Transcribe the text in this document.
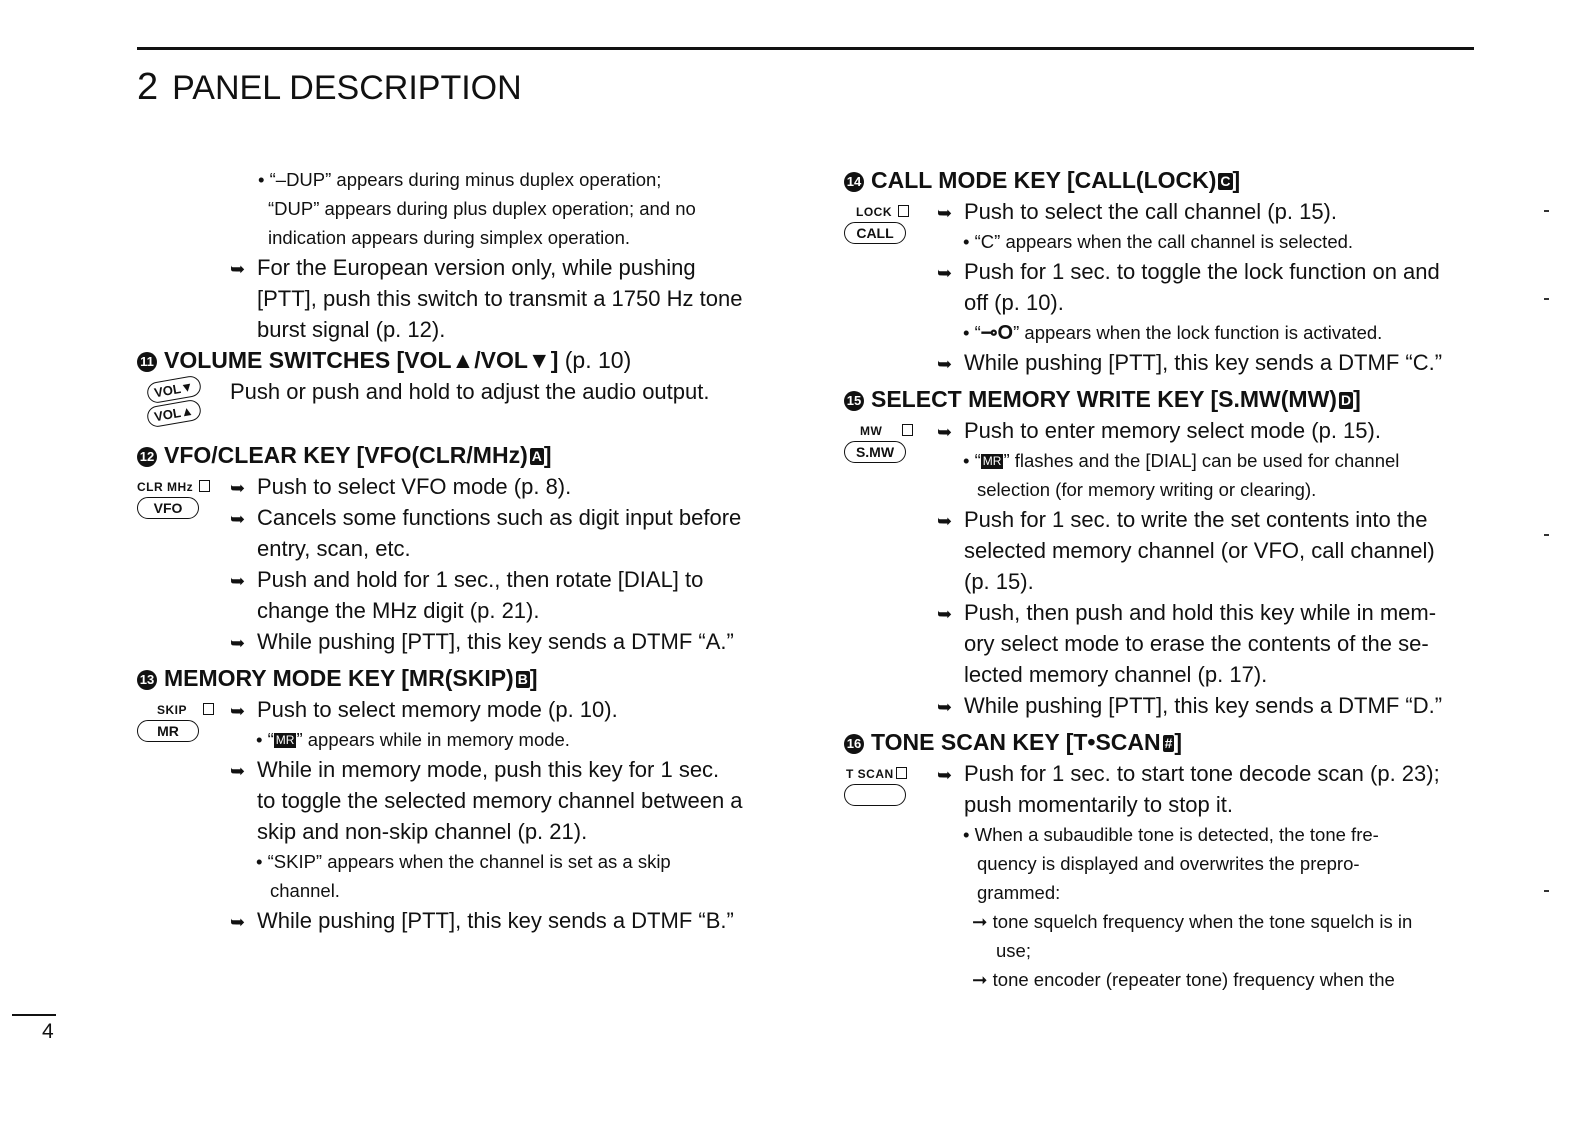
2 PANEL DESCRIPTION
• “–DUP” appears during minus duplex operation;
“DUP” appears during plus duplex operation; and no
indication appears during simplex operation.
➥ For the European version only, while pushing
[PTT], push this switch to transmit a 1750 Hz tone
burst signal (p. 12).
11 VOLUME SWITCHES [VOL▲/VOL▼] (p. 10)
VOL▼
VOL▲
Push or push and hold to adjust the audio output.
12 VFO/CLEAR KEY [VFO(CLR/MHz) A]
CLR MHz
VFO
➥ Push to select VFO mode (p. 8).
➥ Cancels some functions such as digit input before
entry, scan, etc.
➥ Push and hold for 1 sec., then rotate [DIAL] to
change the MHz digit (p. 21).
➥ While pushing [PTT], this key sends a DTMF “A.”
13 MEMORY MODE KEY [MR(SKIP) B]
SKIP
MR
➥ Push to select memory mode (p. 10).
• “ MR ” appears while in memory mode.
➥ While in memory mode, push this key for 1 sec.
to toggle the selected memory channel between a
skip and non-skip channel (p. 21).
• “SKIP” appears when the channel is set as a skip
channel.
➥ While pushing [PTT], this key sends a DTMF “B.”
14 CALL MODE KEY [CALL(LOCK) C]
LOCK
CALL
➥ Push to select the call channel (p. 15).
• “C” appears when the call channel is selected.
➥ Push for 1 sec. to toggle the lock function on and
off (p. 10).
• “⊸O” appears when the lock function is activated.
➥ While pushing [PTT], this key sends a DTMF “C.”
15 SELECT MEMORY WRITE KEY [S.MW(MW) D]
MW
S.MW
➥ Push to enter memory select mode (p. 15).
• “ MR ” flashes and the [DIAL] can be used for channel
selection (for memory writing or clearing).
➥ Push for 1 sec. to write the set contents into the
selected memory channel (or VFO, call channel)
(p. 15).
➥ Push, then push and hold this key while in mem-
ory select mode to erase the contents of the se-
lected memory channel (p. 17).
➥ While pushing [PTT], this key sends a DTMF “D.”
16 TONE SCAN KEY [T•SCAN #]
T SCAN	➥ Push for 1 sec. to start tone decode scan (p. 23);
push momentarily to stop it.
• When a subaudible tone is detected, the tone fre-
quency is displayed and overwrites the prepro-
grammed:
➞ tone squelch frequency when the tone squelch is in
use;
➞ tone encoder (repeater tone) frequency when the
4
